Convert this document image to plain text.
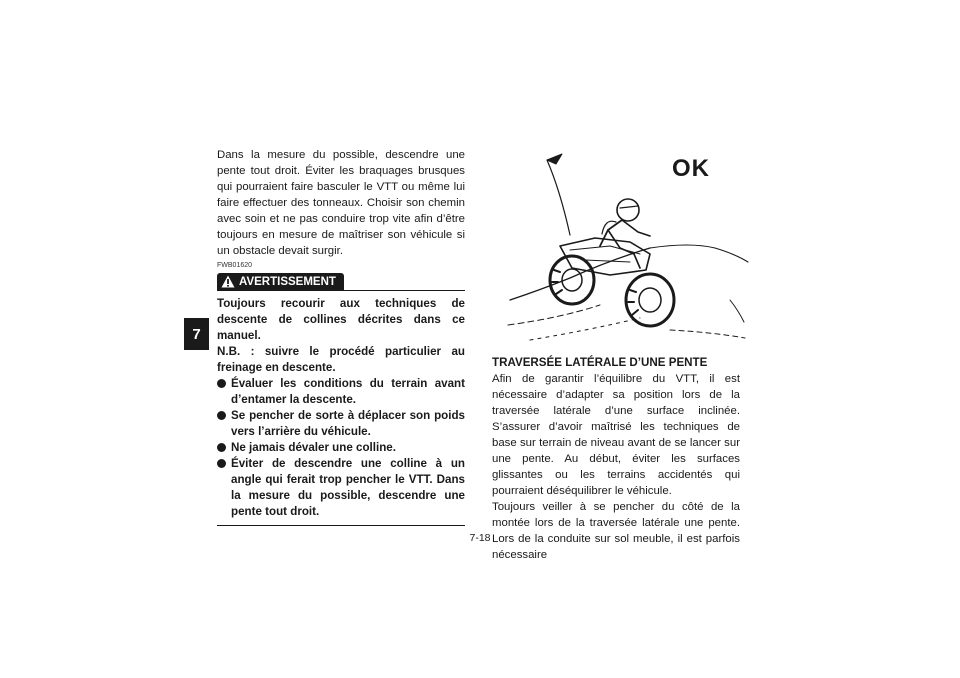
7

Dans la mesure du possible, descendre une pente tout droit. Éviter les braquages brusques qui pourraient faire basculer le VTT ou même lui faire effectuer des tonneaux. Choisir son chemin avec soin et ne pas conduire trop vite afin d’être toujours en mesure de maîtriser son véhicule si un obstacle devait surgir.

FWB01620
AVERTISSEMENT

Toujours recourir aux techniques de descente de collines décrites dans ce manuel.

N.B. : suivre le procédé particulier au freinage en descente.

Évaluer les conditions du terrain avant d’entamer la descente.
Se pencher de sorte à déplacer son poids vers l’arrière du véhicule.
Ne jamais dévaler une colline.
Éviter de descendre une colline à un angle qui ferait trop pencher le VTT. Dans la mesure du possible, descendre une pente tout droit.
OK

TRAVERSÉE LATÉRALE D’UNE PENTE

Afin de garantir l’équilibre du VTT, il est nécessaire d’adapter sa position lors de la traversée latérale d’une surface inclinée. S’assurer d’avoir maîtrisé les techniques de base sur terrain de niveau avant de se lancer sur une pente. Au début, éviter les surfaces glissantes ou les terrains accidentés qui pourraient déséquilibrer le véhicule.

Toujours veiller à se pencher du côté de la montée lors de la traversée latérale une pente. Lors de la conduite sur sol meuble, il est parfois nécessaire

7-18
